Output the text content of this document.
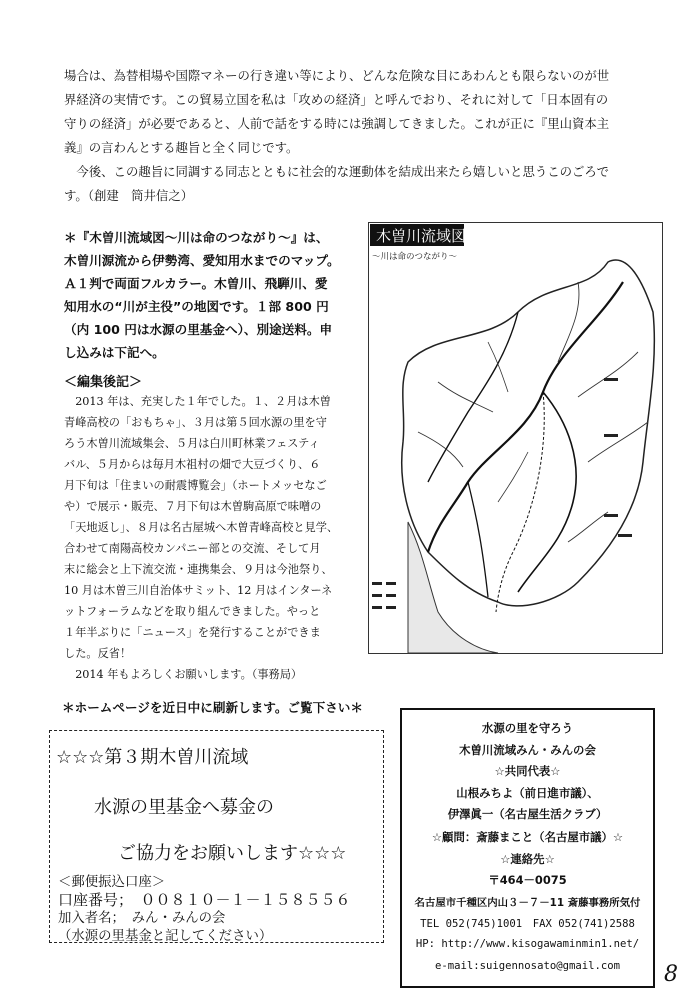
場合は、為替相場や国際マネーの行き違い等により、どんな危険な目にあわんとも限らないのが世
界経済の実情です。この貿易立国を私は「攻めの経済」と呼んでおり、それに対して「日本固有の
守りの経済」が必要であると、人前で話をする時には強調してきました。これが正に『里山資本主
義』の言わんとする趣旨と全く同じです。
　今後、この趣旨に同調する同志とともに社会的な運動体を結成出来たら嬉しいと思うこのごろで
す。（創建　筒井信之）
＊『木曽川流域図～川は命のつながり～』は、
木曽川源流から伊勢湾、愛知用水までのマップ。
Ａ１判で両面フルカラー。木曽川、飛騨川、愛
知用水の“川が主役”の地図です。１部 800 円
（内 100 円は水源の里基金へ）、別途送料。申
し込みは下記へ。
＜編集後記＞
　2013 年は、充実した１年でした。１、２月は木曽
青峰高校の「おもちゃ」、３月は第５回水源の里を守
ろう木曽川流域集会、５月は白川町林業フェスティ
バル、５月からは毎月木祖村の畑で大豆づくり、６
月下旬は「住まいの耐震博覧会」（ホートメッセなご
や）で展示・販売、７月下旬は木曽駒高原で味噌の
「天地返し」、８月は名古屋城へ木曽青峰高校と見学、
合わせて南陽高校カンパニー部との交流、そして月
末に総会と上下流交流・連携集会、９月は今池祭り、
10 月は木曽三川自治体サミット、12 月はインターネ
ットフォーラムなどを取り組んできました。やっと
１年半ぶりに「ニュース」を発行することができま
した。反省！
　2014 年もよろしくお願いします。（事務局）
木曽川流域図
～川は命のつながり～
＊ホームページを近日中に刷新します。ご覧下さい＊
☆☆☆第３期木曽川流域
水源の里基金へ募金の
ご協力をお願いします☆☆☆
＜郵便振込口座＞
口座番号；　００８１０－１－１５８５５６
加入者名；　みん・みんの会
（水源の里基金と記してください）
水源の里を守ろう
木曽川流域みん・みんの会
☆共同代表☆
山根みちよ（前日進市議）、
伊澤眞一（名古屋生活クラブ）
☆顧問：斎藤まこと（名古屋市議）☆
☆連絡先☆
〒464－0075
名古屋市千種区内山３－７－11 斎藤事務所気付
TEL 052(745)1001　FAX 052(741)2588
HP: http://www.kisogawaminmin1.net/
e-mail:suigennosato@gmail.com	8
